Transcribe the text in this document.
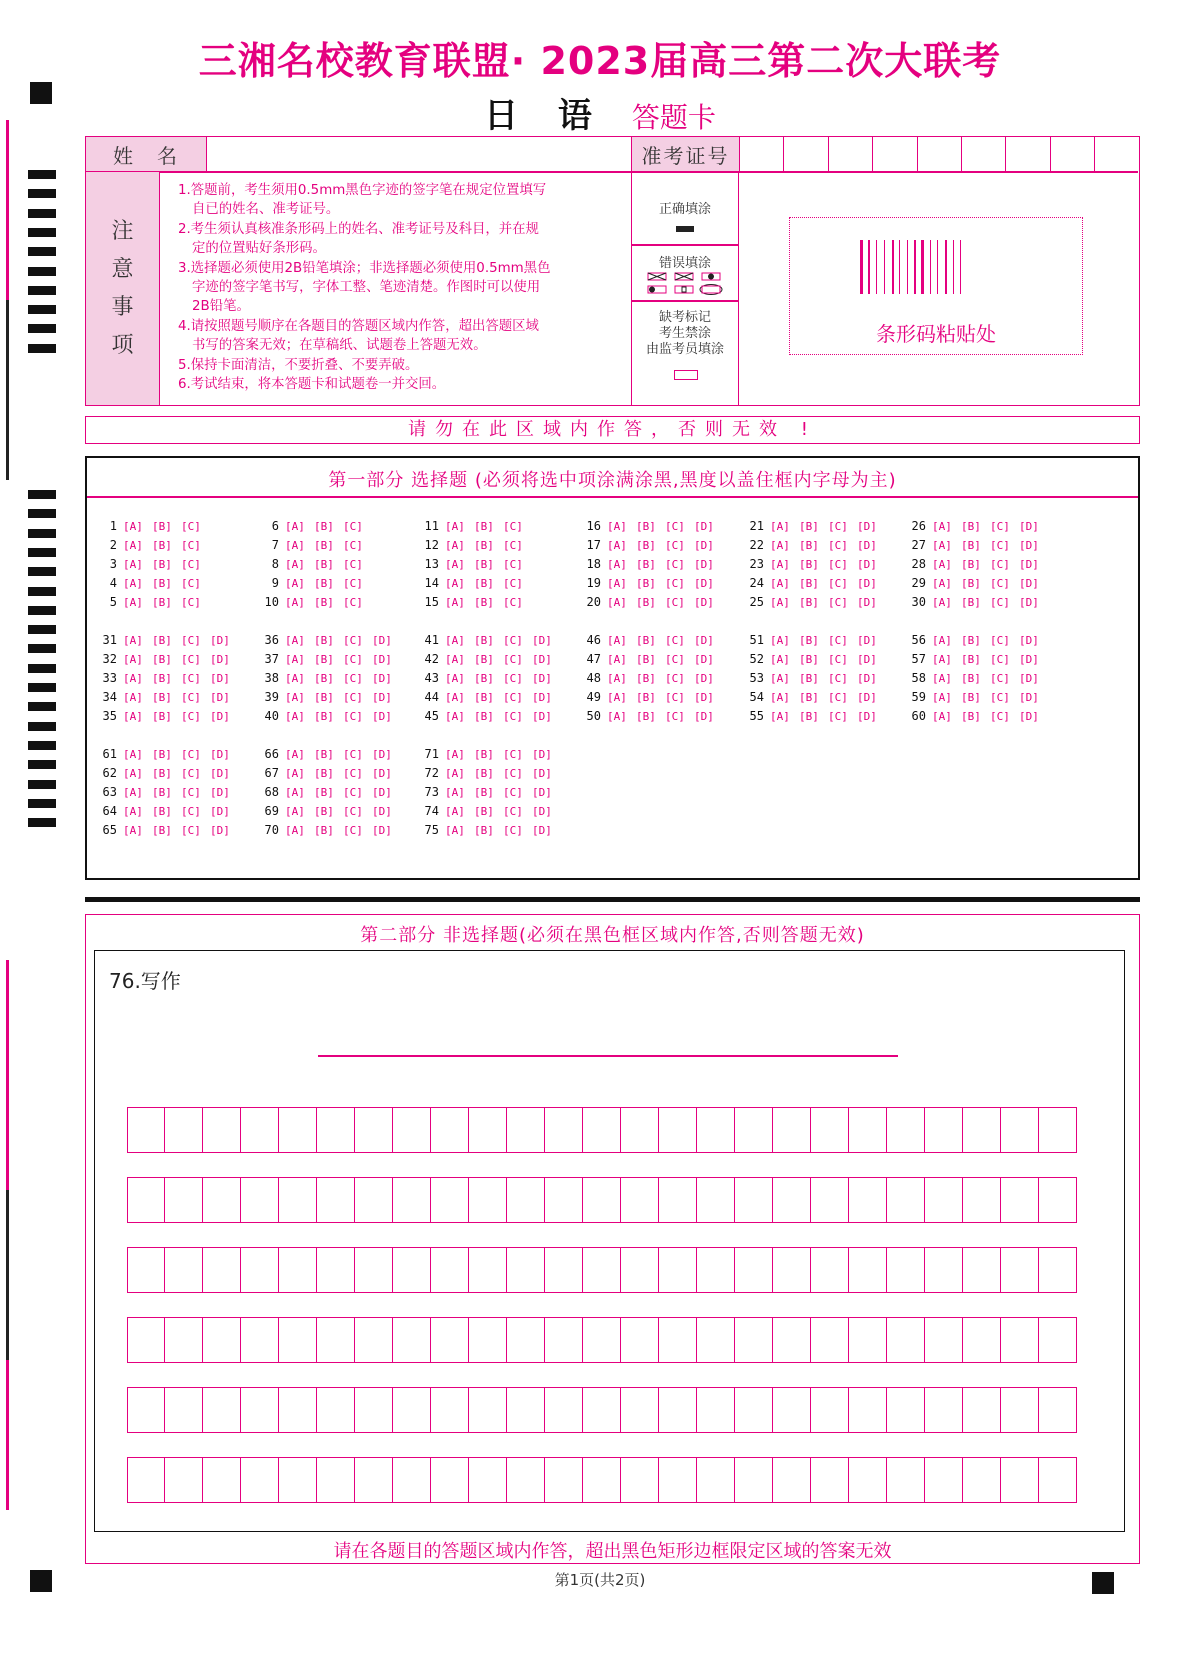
三湘名校教育联盟· 2023届高三第二次大联考
日 语 答题卡
姓　名	准考证号
注
意
事
项

1.答题前，考生须用0.5mm黑色字迹的签字笔在规定位置填写
自已的姓名、准考证号。

2.考生须认真核准条形码上的姓名、准考证号及科目，并在规
定的位置贴好条形码。

3.选择题必须使用2B铅笔填涂；非选择题必须使用0.5mm黑色
字迹的签字笔书写，字体工整、笔迹清楚。作图时可以使用
2B铅笔。

4.请按照题号顺序在各题目的答题区域内作答，超出答题区域
书写的答案无效；在草稿纸、试题卷上答题无效。

5.保持卡面清洁，不要折叠、不要弄破。

6.考试结束，将本答题卡和试题卷一并交回。

正确填涂
错误填涂
缺考标记
考生禁涂
由监考员填涂
条形码粘贴处
请勿在此区域内作答，否则无效 !
第一部分 选择题 (必须将选中项涂满涂黑,黑度以盖住框内字母为主)
1 [A] [B] [C]
2 [A] [B] [C]
3 [A] [B] [C]
4 [A] [B] [C]
5 [A] [B] [C]
6 [A] [B] [C]
7 [A] [B] [C]
8 [A] [B] [C]
9 [A] [B] [C]
10 [A] [B] [C]
11 [A] [B] [C]
12 [A] [B] [C]
13 [A] [B] [C]
14 [A] [B] [C]
15 [A] [B] [C]
16 [A] [B] [C] [D]
17 [A] [B] [C] [D]
18 [A] [B] [C] [D]
19 [A] [B] [C] [D]
20 [A] [B] [C] [D]
21 [A] [B] [C] [D]
22 [A] [B] [C] [D]
23 [A] [B] [C] [D]
24 [A] [B] [C] [D]
25 [A] [B] [C] [D]
26 [A] [B] [C] [D]
27 [A] [B] [C] [D]
28 [A] [B] [C] [D]
29 [A] [B] [C] [D]
30 [A] [B] [C] [D]
31 [A] [B] [C] [D]
32 [A] [B] [C] [D]
33 [A] [B] [C] [D]
34 [A] [B] [C] [D]
35 [A] [B] [C] [D]
36 [A] [B] [C] [D]
37 [A] [B] [C] [D]
38 [A] [B] [C] [D]
39 [A] [B] [C] [D]
40 [A] [B] [C] [D]
41 [A] [B] [C] [D]
42 [A] [B] [C] [D]
43 [A] [B] [C] [D]
44 [A] [B] [C] [D]
45 [A] [B] [C] [D]
46 [A] [B] [C] [D]
47 [A] [B] [C] [D]
48 [A] [B] [C] [D]
49 [A] [B] [C] [D]
50 [A] [B] [C] [D]
51 [A] [B] [C] [D]
52 [A] [B] [C] [D]
53 [A] [B] [C] [D]
54 [A] [B] [C] [D]
55 [A] [B] [C] [D]
56 [A] [B] [C] [D]
57 [A] [B] [C] [D]
58 [A] [B] [C] [D]
59 [A] [B] [C] [D]
60 [A] [B] [C] [D]
61 [A] [B] [C] [D]
62 [A] [B] [C] [D]
63 [A] [B] [C] [D]
64 [A] [B] [C] [D]
65 [A] [B] [C] [D]
66 [A] [B] [C] [D]
67 [A] [B] [C] [D]
68 [A] [B] [C] [D]
69 [A] [B] [C] [D]
70 [A] [B] [C] [D]
71 [A] [B] [C] [D]
72 [A] [B] [C] [D]
73 [A] [B] [C] [D]
74 [A] [B] [C] [D]
75 [A] [B] [C] [D]
第二部分 非选择题(必须在黑色框区域内作答,否则答题无效)
76.写作
请在各题目的答题区域内作答，超出黑色矩形边框限定区域的答案无效
第1页(共2页)
